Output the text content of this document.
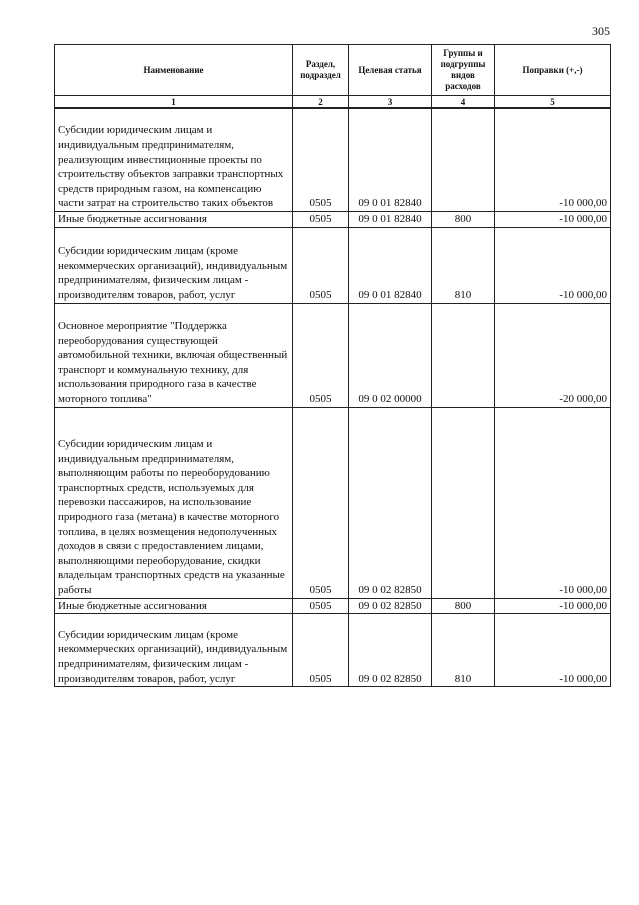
305
Наименование	Раздел, подраздел	Целевая статья	Группы и подгруппы видов расходов	Поправки (+,-)
1	2	3	4	5
Субсидии юридическим лицам и индивидуальным предпринимателям, реализующим инвестиционные проекты по строительству объектов заправки транспортных средств природным газом, на компенсацию части затрат на строительство таких объектов	0505	09 0 01 82840		-10 000,00
Иные бюджетные ассигнования	0505	09 0 01 82840	800	-10 000,00
Субсидии юридическим лицам (кроме некоммерческих организаций), индивидуальным предпринимателям, физическим лицам - производителям товаров, работ, услуг	0505	09 0 01 82840	810	-10 000,00
Основное мероприятие "Поддержка переоборудования существующей автомобильной техники, включая общественный транспорт и коммунальную технику, для использования природного газа в качестве моторного топлива"	0505	09 0 02 00000		-20 000,00
Субсидии юридическим лицам и индивидуальным предпринимателям, выполняющим работы по переоборудованию транспортных средств, используемых для перевозки пассажиров, на использование природного газа (метана) в качестве моторного топлива, в целях возмещения недополученных доходов в связи с предоставлением лицами, выполняющими переоборудование, скидки владельцам транспортных средств на указанные работы	0505	09 0 02 82850		-10 000,00
Иные бюджетные ассигнования	0505	09 0 02 82850	800	-10 000,00
Субсидии юридическим лицам (кроме некоммерческих организаций), индивидуальным предпринимателям, физическим лицам - производителям товаров, работ, услуг	0505	09 0 02 82850	810	-10 000,00
